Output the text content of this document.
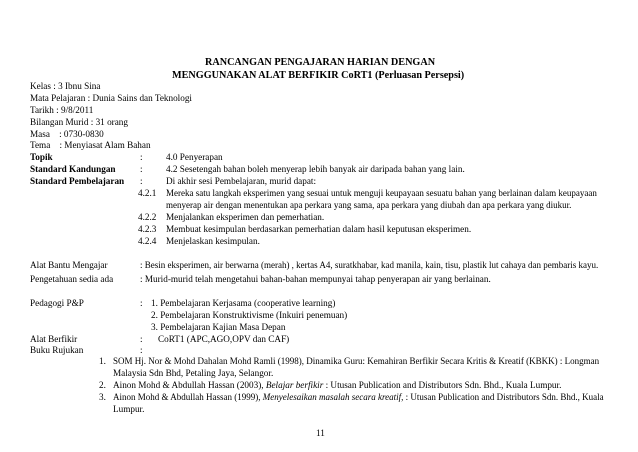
RANCANGAN PENGAJARAN HARIAN DENGAN
MENGGUNAKAN ALAT BERFIKIR CoRT1 (Perluasan Persepsi)
Kelas : 3 Ibnu Sina
Mata Pelajaran : Dunia Sains dan Teknologi
Tarikh : 9/8/2011
Bilangan Murid : 31 orang
Masa    : 0730-0830
Tema    : Menyiasat Alam Bahan
Topik	:	4.0 Penyerapan
Standard Kandungan	:	4.2 Sesetengah bahan boleh menyerap lebih banyak air daripada bahan yang lain.
Standard Pembelajaran :	Di akhir sesi Pembelajaran, murid dapat:
4.2.1 Mereka satu langkah eksperimen yang sesuai untuk menguji keupayaan sesuatu bahan yang berlainan dalam keupayaan
menyerap air dengan menentukan apa perkara yang sama, apa perkara yang diubah dan apa perkara yang diukur.
4.2.2 Menjalankan eksperimen dan pemerhatian.
4.2.3 Membuat kesimpulan berdasarkan pemerhatian dalam hasil keputusan eksperimen.
4.2.4 Menjelaskan kesimpulan.
Alat Bantu Mengajar	: Besin eksperimen, air berwarna (merah) , kertas A4, suratkhabar, kad manila, kain, tisu, plastik lut cahaya dan pembaris kayu.
Pengetahuan sedia ada	: Murid-murid telah mengetahui bahan-bahan mempunyai tahap penyerapan air yang berlainan.
Pedagogi P&P	: 1. Pembelajaran Kerjasama (cooperative learning)
2. Pembelajaran Konstruktivisme (Inkuiri penemuan)
3. Pembelajaran Kajian Masa Depan
Alat Berfikir	: CoRT1 (APC,AGO,OPV dan CAF)
Buku Rujukan	:
1. SOM Hj. Nor & Mohd Dahalan Mohd Ramli (1998), Dinamika Guru: Kemahiran Berfikir Secara Kritis & Kreatif (KBKK) : Longman
Malaysia Sdn Bhd, Petaling Jaya, Selangor.
2. Ainon Mohd & Abdullah Hassan (2003), Belajar berfikir : Utusan Publication and Distributors Sdn. Bhd., Kuala Lumpur.
3. Ainon Mohd & Abdullah Hassan (1999), Menyelesaikan masalah secara kreatif, : Utusan Publication and Distributors Sdn. Bhd., Kuala
Lumpur.
11
